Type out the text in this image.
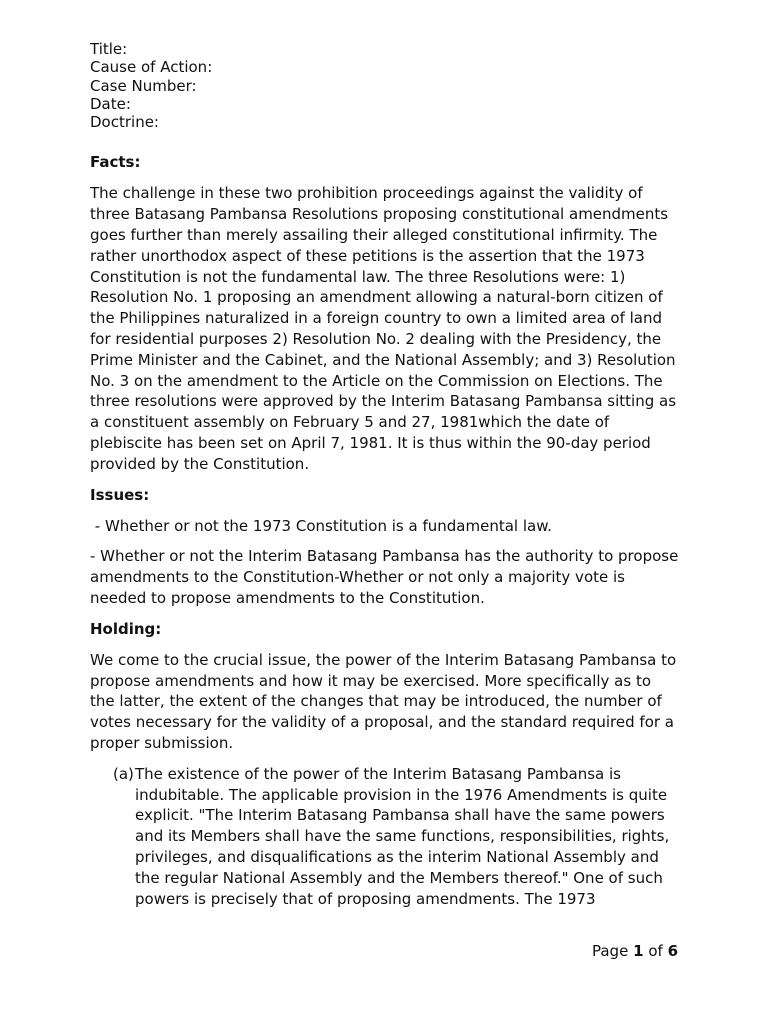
Title:
Cause of Action:
Case Number:
Date:
Doctrine:
Facts:

The challenge in these two prohibition proceedings against the validity of three Batasang Pambansa Resolutions proposing constitutional amendments goes further than merely assailing their alleged constitutional infirmity. The rather unorthodox aspect of these petitions is the assertion that the 1973 Constitution is not the fundamental law. The three Resolutions were: 1) Resolution No. 1 proposing an amendment allowing a natural-born citizen of the Philippines naturalized in a foreign country to own a limited area of land for residential purposes 2) Resolution No. 2 dealing with the Presidency, the Prime Minister and the Cabinet, and the National Assembly; and 3) Resolution No. 3 on the amendment to the Article on the Commission on Elections. The three resolutions were approved by the Interim Batasang Pambansa sitting as a constituent assembly on February 5 and 27, 1981which the date of plebiscite has been set on April 7, 1981. It is thus within the 90-day period provided by the Constitution.

Issues:

- Whether or not the 1973 Constitution is a fundamental law.

- Whether or not the Interim Batasang Pambansa has the authority to propose amendments to the Constitution-Whether or not only a majority vote is needed to propose amendments to the Constitution.

Holding:

We come to the crucial issue, the power of the Interim Batasang Pambansa to propose amendments and how it may be exercised. More specifically as to the latter, the extent of the changes that may be introduced, the number of votes necessary for the validity of a proposal, and the standard required for a proper submission.

(a) The existence of the power of the Interim Batasang Pambansa is indubitable. The applicable provision in the 1976 Amendments is quite explicit. "The Interim Batasang Pambansa shall have the same powers and its Members shall have the same functions, responsibilities, rights, privileges, and disqualifications as the interim National Assembly and the regular National Assembly and the Members thereof." One of such powers is precisely that of proposing amendments. The 1973
Page 1 of 6
